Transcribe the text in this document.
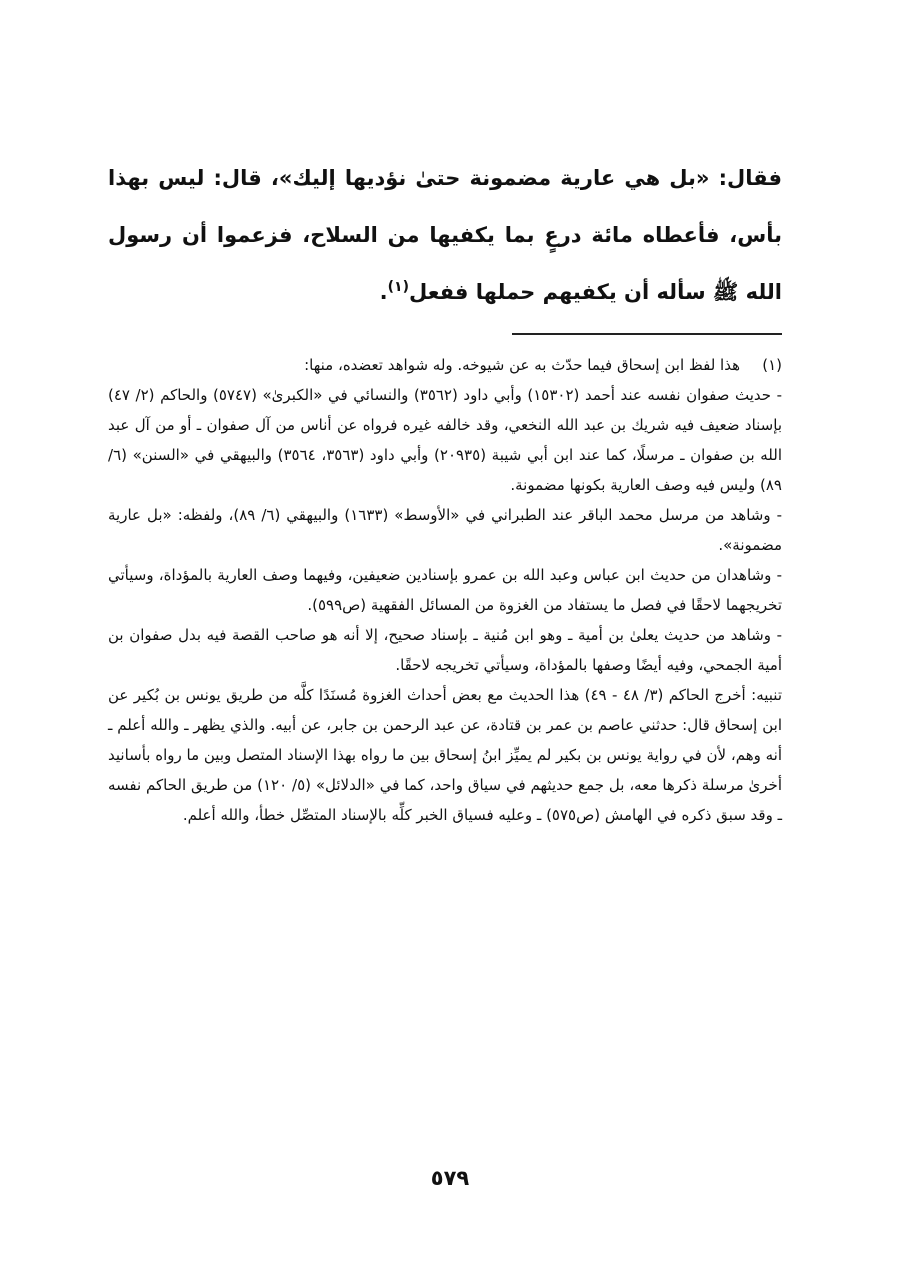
فقال: «بل هي عارية مضمونة حتىٰ نؤديها إليك»، قال: ليس بهذا بأس، فأعطاه مائة درعٍ بما يكفيها من السلاح، فزعموا أن رسول الله ﷺ سأله أن يكفيهم حملها ففعل$^{(١)}$.

(١)
هذا لفظ ابن إسحاق فيما حدّث به عن شيوخه. وله شواهد تعضده، منها:

- حديث صفوان نفسه عند أحمد (١٥٣٠٢) وأبي داود (٣٥٦٢) والنسائي في «الكبرىٰ» (٥٧٤٧) والحاكم (٢/ ٤٧) بإسناد ضعيف فيه شريك بن عبد الله النخعي، وقد خالفه غيره فرواه عن أناس من آل صفوان ـ أو من آل عبد الله بن صفوان ـ مرسلًا، كما عند ابن أبي شيبة (٢٠٩٣٥) وأبي داود (٣٥٦٣، ٣٥٦٤) والبيهقي في «السنن» (٦/ ٨٩) وليس فيه وصف العارية بكونها مضمونة.

- وشاهد من مرسل محمد الباقر عند الطبراني في «الأوسط» (١٦٣٣) والبيهقي (٦/ ٨٩)، ولفظه: «بل عارية مضمونة».

- وشاهدان من حديث ابن عباس وعبد الله بن عمرو بإسنادين ضعيفين، وفيهما وصف العارية بالمؤداة، وسيأتي تخريجهما لاحقًا في فصل ما يستفاد من الغزوة من المسائل الفقهية (ص٥٩٩).

- وشاهد من حديث يعلىٰ بن أمية ـ وهو ابن مُنية ـ بإسناد صحيح، إلا أنه هو صاحب القصة فيه بدل صفوان بن أمية الجمحي، وفيه أيضًا وصفها بالمؤداة، وسيأتي تخريجه لاحقًا.

تنبيه: أخرج الحاكم (٣/ ٤٨ - ٤٩) هذا الحديث مع بعض أحداث الغزوة مُسنَدًا كلَّه من طريق يونس بن بُكير عن ابن إسحاق قال: حدثني عاصم بن عمر بن قتادة، عن عبد الرحمن بن جابر، عن أبيه. والذي يظهر ـ والله أعلم ـ أنه وهم، لأن في رواية يونس بن بكير لم يميِّز ابنُ إسحاق بين ما رواه بهذا الإسناد المتصل وبين ما رواه بأسانيد أخرىٰ مرسلة ذكرها معه، بل جمع حديثهم في سياق واحد، كما في «الدلائل» (٥/ ١٢٠) من طريق الحاكم نفسه ـ وقد سبق ذكره في الهامش (ص٥٧٥) ـ وعليه فسياق الخبر كلِّه بالإسناد المتصِّل خطأ، والله أعلم.

٥٧٩
